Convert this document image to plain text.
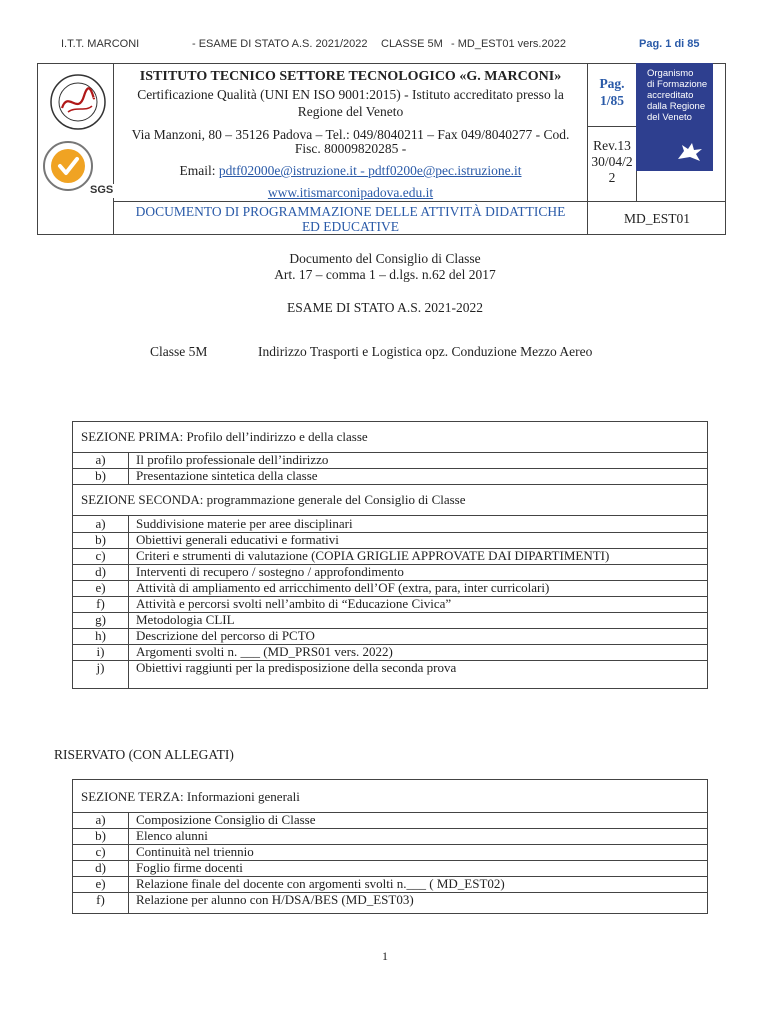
I.T.T. MARCONI	- ESAME DI STATO A.S. 2021/2022 CLASSE 5M - MD_EST01 vers.2022	Pag. 1 di 85
SGS
ISTITUTO TECNICO SETTORE TECNOLOGICO «G. MARCONI»
Certificazione Qualità (UNI EN ISO 9001:2015) - Istituto accreditato presso la
Regione del Veneto
Via Manzoni, 80 – 35126 Padova – Tel.: 049/8040211 – Fax 049/8040277 - Cod.
Fisc. 80009820285 -
Email: pdtf02000e@istruzione.it - pdtf0200e@pec.istruzione.it
www.itismarconipadova.edu.it
Pag.
1/85
Rev.13
30/04/2
2
DOCUMENTO DI PROGRAMMAZIONE DELLE ATTIVITÀ DIDATTICHE
ED EDUCATIVE
MD_EST01
Organismo
di Formazione
accreditato
dalla Regione
del Veneto
Documento del Consiglio di Classe
Art. 17 – comma 1 – d.lgs. n.62 del 2017
ESAME DI STATO A.S. 2021-2022
Classe 5M	Indirizzo Trasporti e Logistica opz. Conduzione Mezzo Aereo
SEZIONE PRIMA: Profilo dell’indirizzo e della classe
a)	Il profilo professionale dell’indirizzo
b)	Presentazione sintetica della classe
SEZIONE SECONDA: programmazione generale del Consiglio di Classe
a)	Suddivisione materie per aree disciplinari
b)	Obiettivi generali educativi e formativi
c)	Criteri e strumenti di valutazione (COPIA GRIGLIE APPROVATE DAI DIPARTIMENTI)
d)	Interventi di recupero / sostegno / approfondimento
e)	Attività di ampliamento ed arricchimento dell’OF (extra, para, inter curricolari)
f)	Attività e percorsi svolti nell’ambito di “Educazione Civica”
g)	Metodologia CLIL
h)	Descrizione del percorso di PCTO
i)	Argomenti svolti n. ___ (MD_PRS01 vers. 2022)
j)	Obiettivi raggiunti per la predisposizione della seconda prova
RISERVATO (CON ALLEGATI)
SEZIONE TERZA: Informazioni generali
a)	Composizione Consiglio di Classe
b)	Elenco alunni
c)	Continuità nel triennio
d)	Foglio firme docenti
e)	Relazione finale del docente con argomenti svolti n.___ ( MD_EST02)
f)	Relazione per alunno con H/DSA/BES (MD_EST03)
1
